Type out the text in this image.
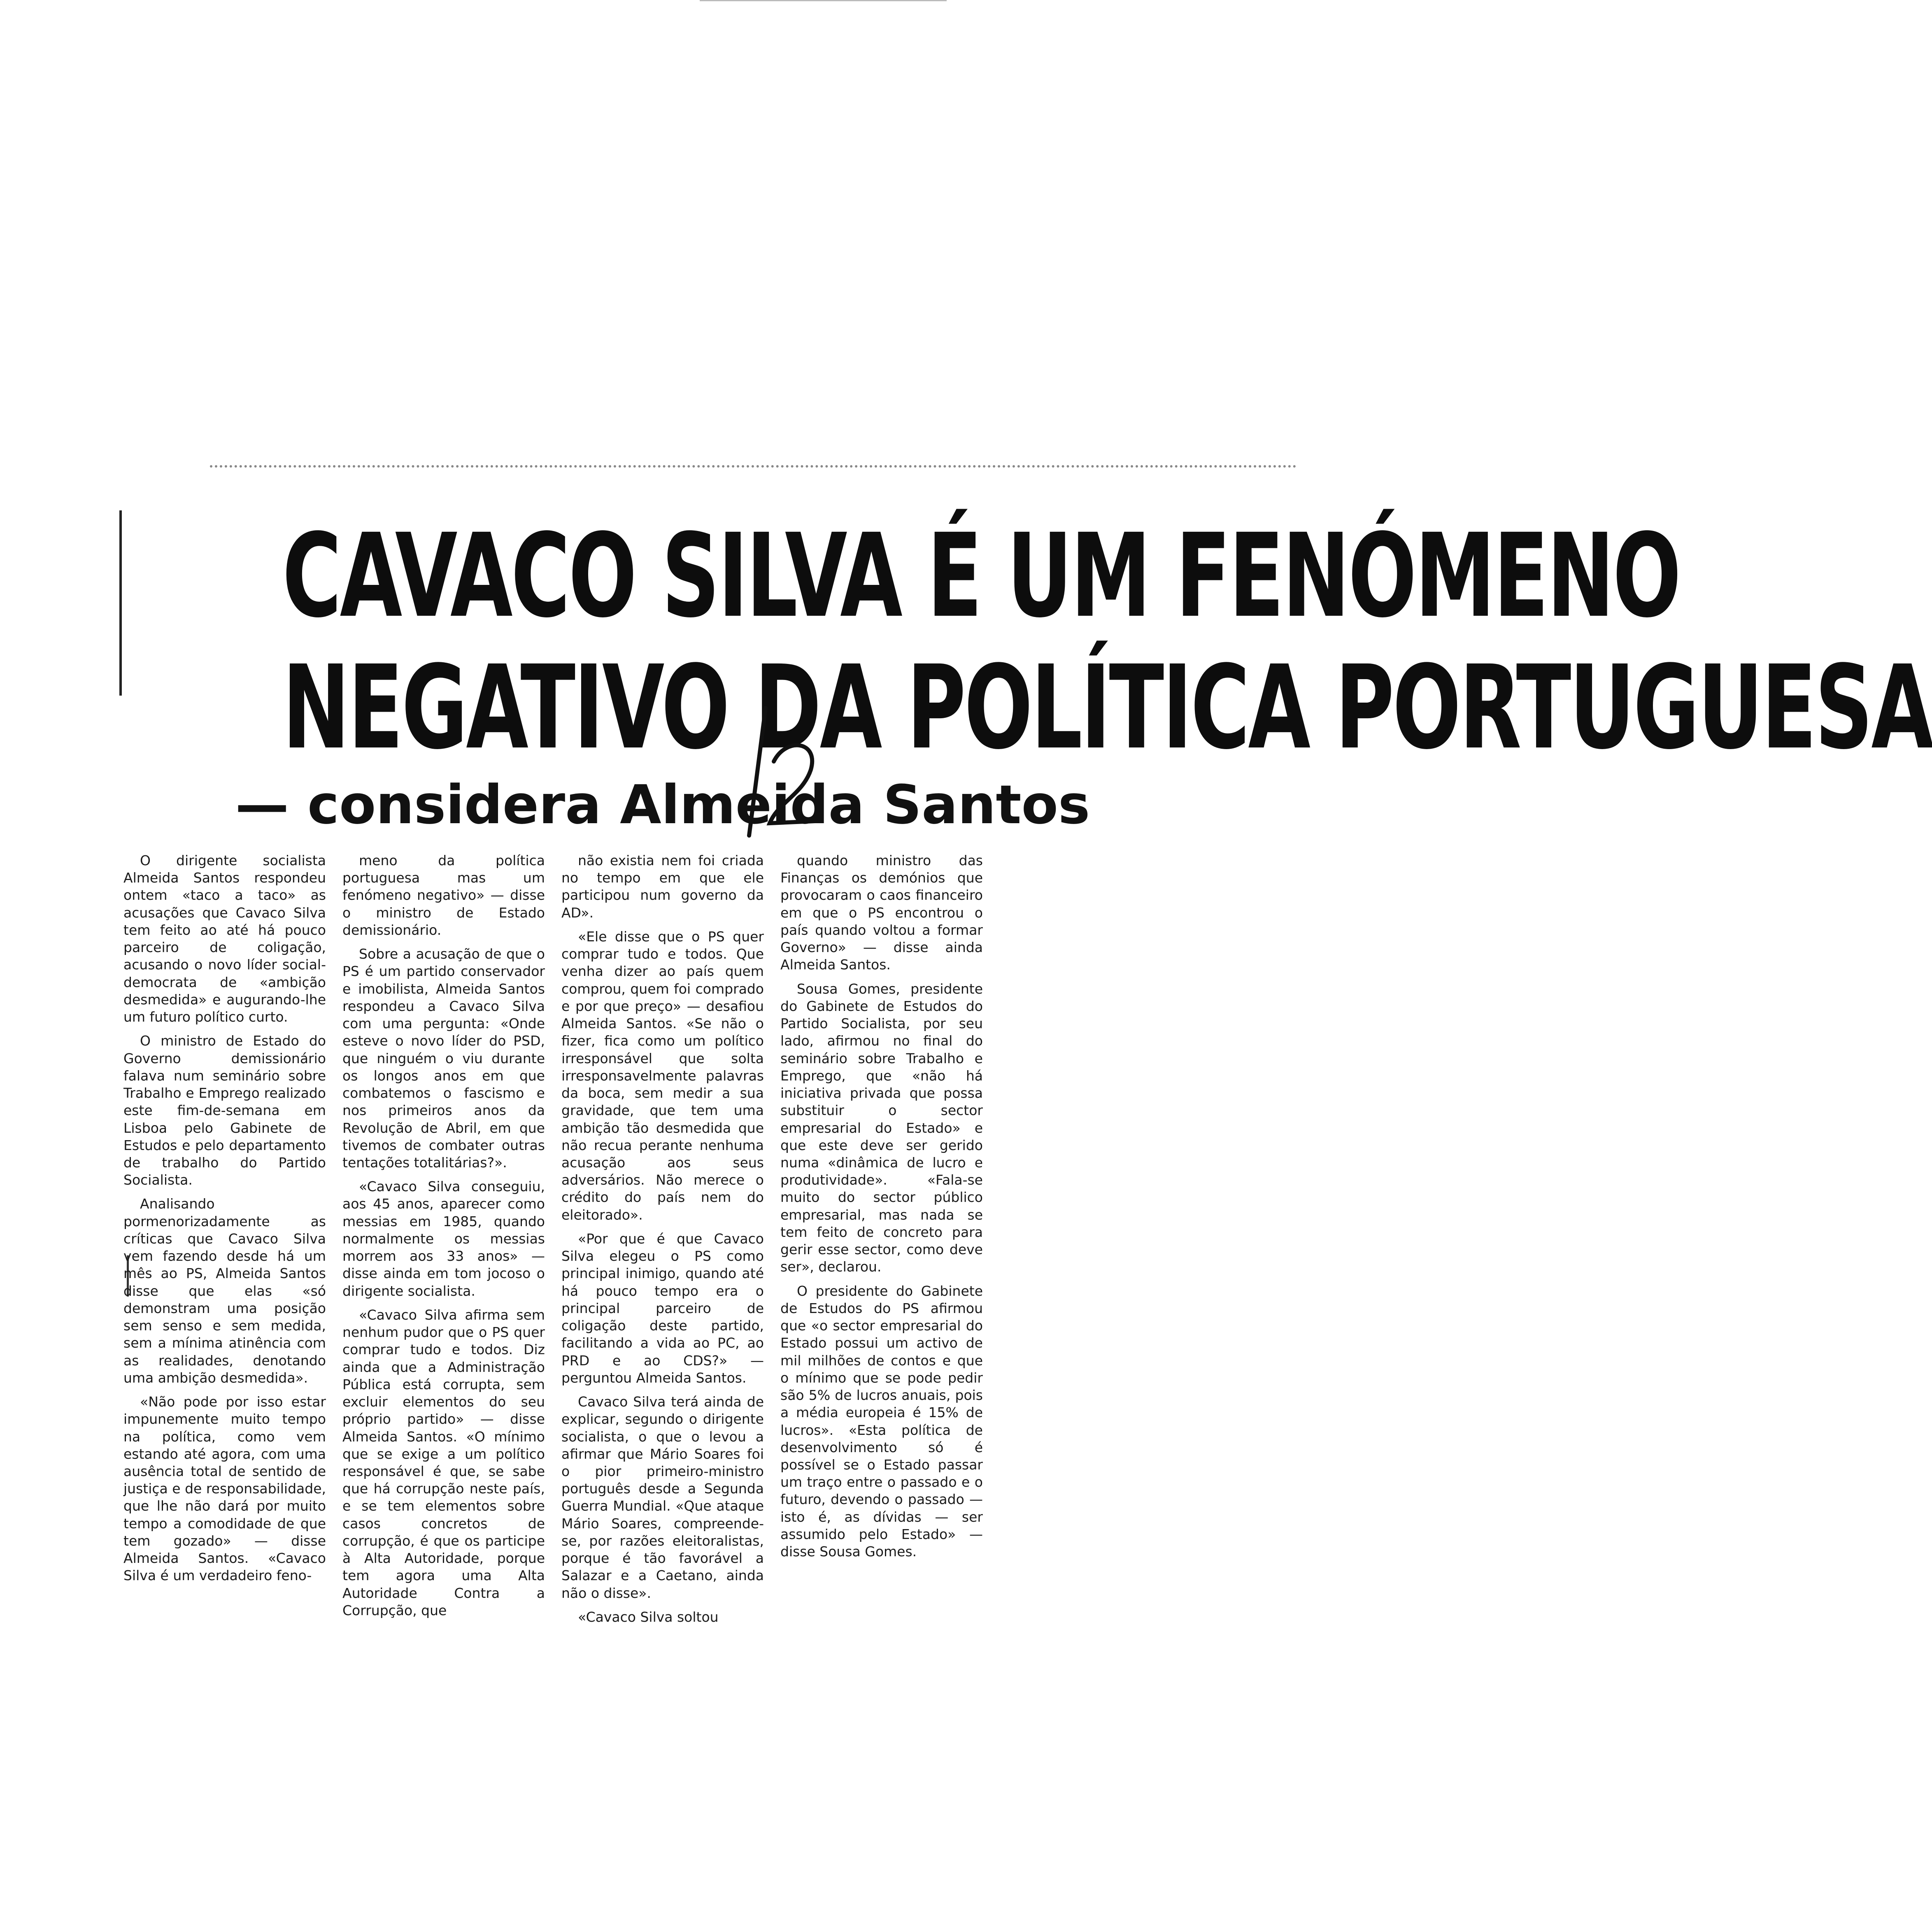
CAVACO SILVA É UM FENÓMENO
NEGATIVO DA POLÍTICA PORTUGUESA
— considera Almeida Santos

O dirigente socialista Almeida Santos respondeu ontem «taco a taco» as acusações que Cavaco Silva tem feito ao até há pouco parceiro de coligação, acusando o novo líder social-democrata de «ambição desmedida» e augurando-lhe um futuro político curto.

O ministro de Estado do Governo demissionário falava num seminário sobre Trabalho e Emprego realizado este fim-de-semana em Lisboa pelo Gabinete de Estudos e pelo departamento de trabalho do Partido Socialista.

Analisando pormenorizadamente as críticas que Cavaco Silva vem fazendo desde há um mês ao PS, Almeida Santos disse que elas «só demonstram uma posição sem senso e sem medida, sem a mínima atinência com as realidades, denotando uma ambição desmedida».

«Não pode por isso estar impunemente muito tempo na política, como vem estando até agora, com uma ausência total de sentido de justiça e de responsabilidade, que lhe não dará por muito tempo a comodidade de que tem gozado» — disse Almeida Santos. «Cavaco Silva é um verdadeiro feno-

meno da política portuguesa mas um fenómeno negativo» — disse o ministro de Estado demissionário.

Sobre a acusação de que o PS é um partido conservador e imobilista, Almeida Santos respondeu a Cavaco Silva com uma pergunta: «Onde esteve o novo líder do PSD, que ninguém o viu durante os longos anos em que combatemos o fascismo e nos primeiros anos da Revolução de Abril, em que tivemos de combater outras tentações totalitárias?».

«Cavaco Silva conseguiu, aos 45 anos, aparecer como messias em 1985, quando normalmente os messias morrem aos 33 anos» — disse ainda em tom jocoso o dirigente socialista.

«Cavaco Silva afirma sem nenhum pudor que o PS quer comprar tudo e todos. Diz ainda que a Administração Pública está corrupta, sem excluir elementos do seu próprio partido» — disse Almeida Santos. «O mínimo que se exige a um político responsável é que, se sabe que há corrupção neste país, e se tem elementos sobre casos concretos de corrupção, é que os participe à Alta Autoridade, porque tem agora uma Alta Autoridade Contra a Corrupção, que

não existia nem foi criada no tempo em que ele participou num governo da AD».

«Ele disse que o PS quer comprar tudo e todos. Que venha dizer ao país quem comprou, quem foi comprado e por que preço» — desafiou Almeida Santos. «Se não o fizer, fica como um político irresponsável que solta irresponsavelmente palavras da boca, sem medir a sua gravidade, que tem uma ambição tão desmedida que não recua perante nenhuma acusação aos seus adversários. Não merece o crédito do país nem do eleitorado».

«Por que é que Cavaco Silva elegeu o PS como principal inimigo, quando até há pouco tempo era o principal parceiro de coligação deste partido, facilitando a vida ao PC, ao PRD e ao CDS?» — perguntou Almeida Santos.

Cavaco Silva terá ainda de explicar, segundo o dirigente socialista, o que o levou a afirmar que Mário Soares foi o pior primeiro-ministro português desde a Segunda Guerra Mundial. «Que ataque Mário Soares, compreende-se, por razões eleitoralistas, porque é tão favorável a Salazar e a Caetano, ainda não o disse».

«Cavaco Silva soltou

quando ministro das Finanças os demónios que provocaram o caos financeiro em que o PS encontrou o país quando voltou a formar Governo» — disse ainda Almeida Santos.

Sousa Gomes, presidente do Gabinete de Estudos do Partido Socialista, por seu lado, afirmou no final do seminário sobre Trabalho e Emprego, que «não há iniciativa privada que possa substituir o sector empresarial do Estado» e que este deve ser gerido numa «dinâmica de lucro e produtividade». «Fala-se muito do sector público empresarial, mas nada se tem feito de concreto para gerir esse sector, como deve ser», declarou.

O presidente do Gabinete de Estudos do PS afirmou que «o sector empresarial do Estado possui um activo de mil milhões de contos e que o mínimo que se pode pedir são 5% de lucros anuais, pois a média europeia é 15% de lucros». «Esta política de desenvolvimento só é possível se o Estado passar um traço entre o passado e o futuro, devendo o passado — isto é, as dívidas — ser assumido pelo Estado» — disse Sousa Gomes.
